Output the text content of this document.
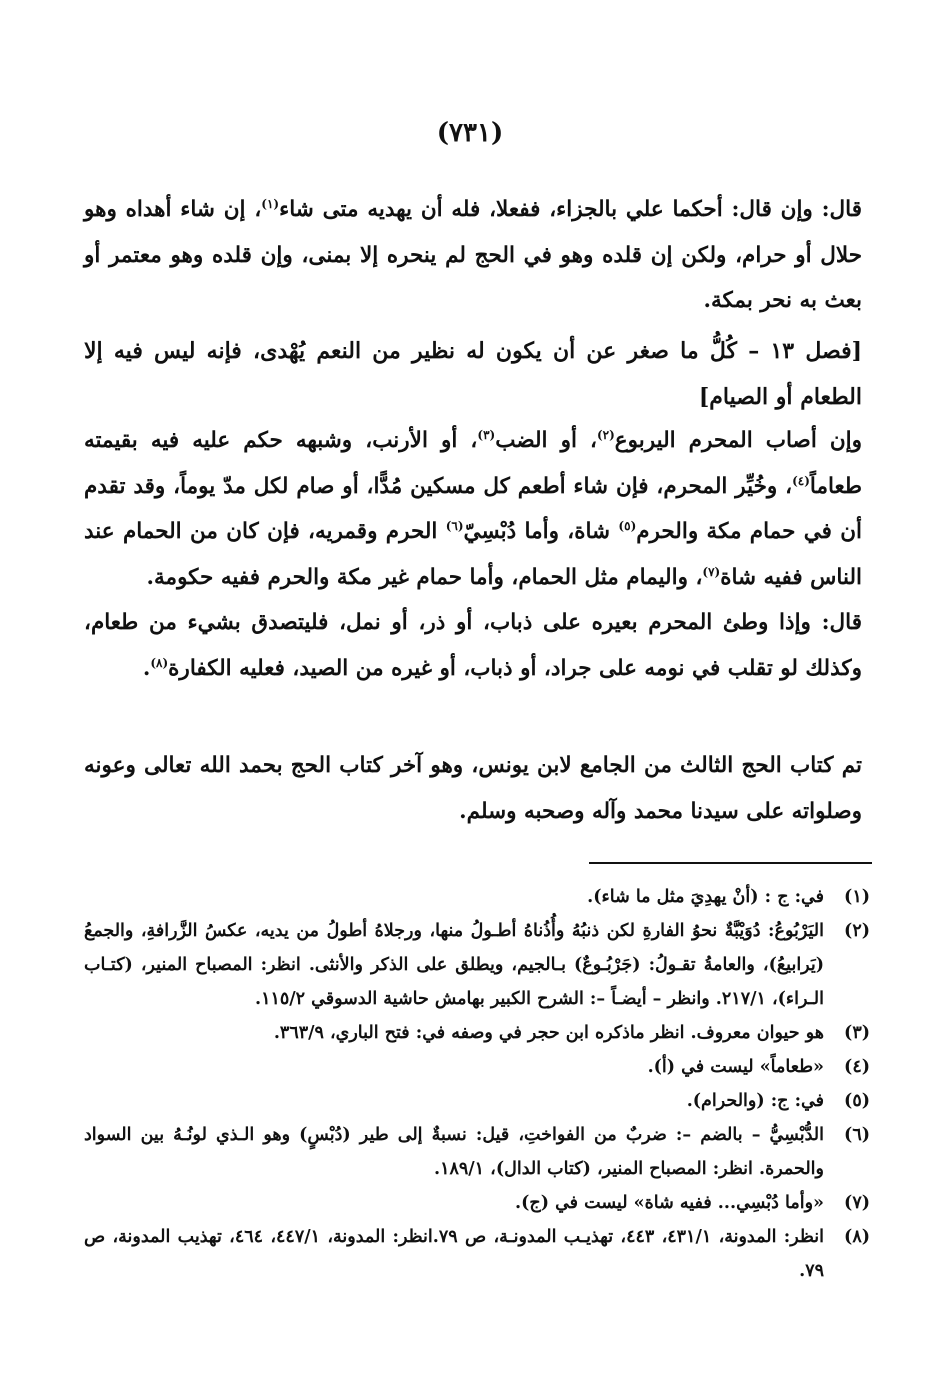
(٧٣١)

قال: وإن قال: أحكما علي بالجزاء، ففعلا، فله أن يهديه متى شاء$^{(١)}$، إن شاء أهداه وهو حلال أو حرام، ولكن إن قلده وهو في الحج لم ينحره إلا بمنى، وإن قلده وهو معتمر أو بعث به نحر بمكة.

[فصل ١٣ – كُلُّ ما صغر عن أن يكون له نظير من النعم يُهْدى، فإنه ليس فيه إلا الطعام أو الصيام]

وإن أصاب المحرم اليربوع$^{(٢)}$، أو الضب$^{(٣)}$، أو الأرنب، وشبهه حكم عليه فيه بقيمته طعاماً$^{(٤)}$، وخُيِّر المحرم، فإن شاء أطعم كل مسكين مُدًّا، أو صام لكل مدّ يوماً، وقد تقدم أن في حمام مكة والحرم$^{(٥)}$ شاة، وأما دُبْسِيّ$^{(٦)}$ الحرم وقمريه، فإن كان من الحمام عند الناس ففيه شاة$^{(٧)}$، واليمام مثل الحمام، وأما حمام غير مكة والحرم ففيه حكومة.

قال: وإذا وطئ المحرم بعيره على ذباب، أو ذر، أو نمل، فليتصدق بشيء من طعام، وكذلك لو تقلب في نومه على جراد، أو ذباب، أو غيره من الصيد، فعليه الكفارة$^{(٨)}$.

تم كتاب الحج الثالث من الجامع لابن يونس، وهو آخر كتاب الحج بحمد الله تعالى وعونه وصلواته على سيدنا محمد وآله وصحبه وسلم.

(١)
في: ج : (أنْ يهدِيَ مثل ما شاء).
(٢)
اليَرْبُوعُ: دُوَيْبَّةٌ نحوُ الفارةِ لكن ذنبُهُ وأُذُناهُ أطـولُ منها، ورجلاهُ أطولُ من يديه، عكسُ الزَّرافةِ، والجمعُ (يَرابيعُ)، والعامةُ تقـولُ: (جَرْبُـوعٌ) بـالجيم، ويطلق على الذكر والأنثى. انظر: المصباح المنير، (كتـاب الـراء)، ٢١٧/١. وانظر – أيضـاً –: الشرح الكبير بهامش حاشية الدسوقي ١١٥/٢.
(٣)
هو حيوان معروف. انظر ماذكره ابن حجر في وصفه في: فتح الباري، ٣٦٣/٩.
(٤)
«طعاماً» ليست في (أ).
(٥)
في: ج: (والحرام).
(٦)
الدُّبْسِيُّ – بالضم –: ضربٌ من الفواختِ، قيل: نسبةٌ إلى طير (دُبْسٍ) وهو الـذي لونُـهُ بين السواد والحمرة. انظر: المصباح المنير، (كتاب الدال)، ١٨٩/١.
(٧)
«وأما دُبْسِي... ففيه شاة» ليست في (ج).
(٨)
انظر: المدونة، ٤٣١/١، ٤٤٣، تهذيـب المدونـة، ص ٧٩.انظر: المدونة، ٤٤٧/١، ٤٦٤، تهذيب المدونة، ص ٧٩.
